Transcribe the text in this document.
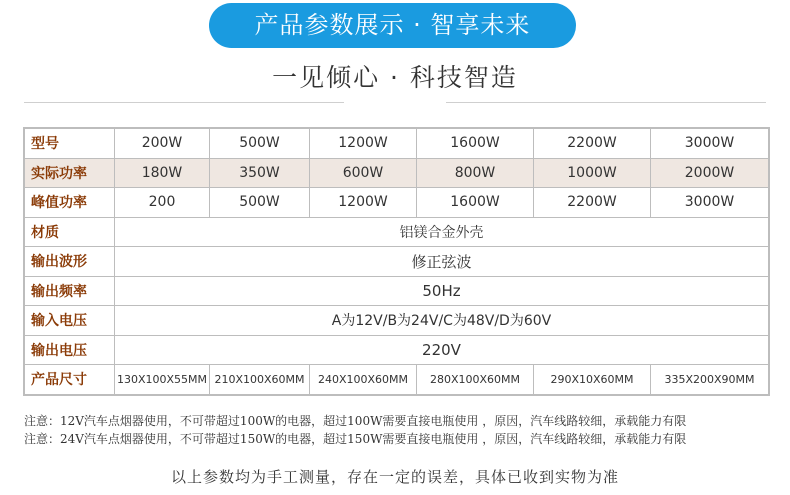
产品参数展示 · 智享未来
一见倾心 · 科技智造
型号	200W	500W	1200W	1600W	2200W	3000W
实际功率	180W	350W	600W	800W	1000W	2000W
峰值功率	200	500W	1200W	1600W	2200W	3000W
材质	铝镁合金外壳					
输出波形	修正弦波					
输出频率	50Hz					
输入电压	A为12V/B为24V/C为48V/D为60V					
输出电压	220V					
产品尺寸	130X100X55MM	210X100X60MM	240X100X60MM	280X100X60MM	290X10X60MM	335X200X90MM
注意：12V汽车点烟器使用，不可带超过100W的电器，超过100W需要直接电瓶使用 ，原因，汽车线路较细，承载能力有限
注意：24V汽车点烟器使用，不可带超过150W的电器，超过150W需要直接电瓶使用 ，原因，汽车线路较细，承载能力有限
以上参数均为手工测量，存在一定的误差，具体已收到实物为准
